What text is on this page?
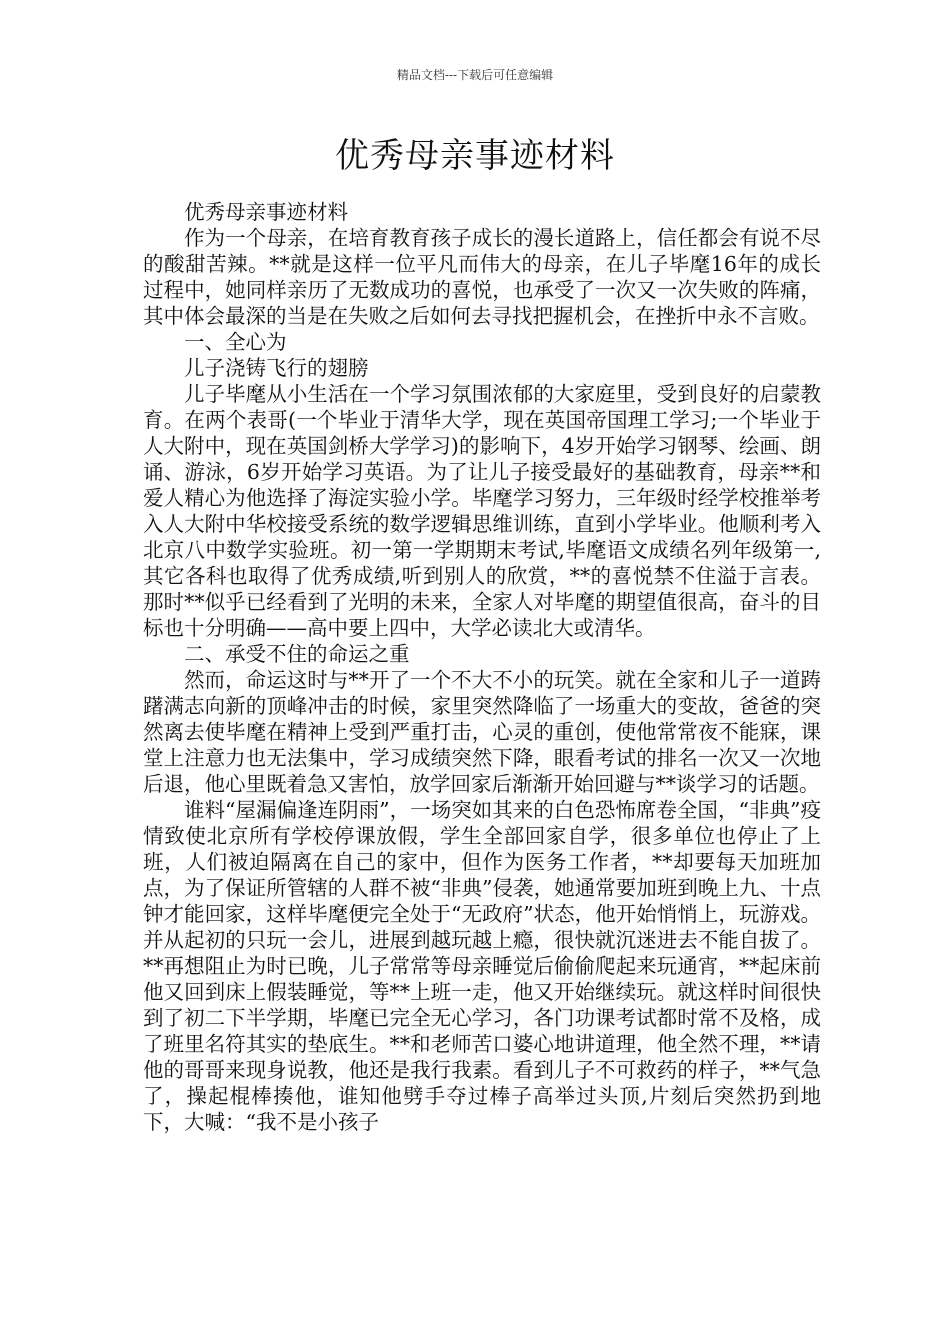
精品文档---下载后可任意编辑
优秀母亲事迹材料

优秀母亲事迹材料

作为一个母亲，在培育教育孩子成长的漫长道路上，信任都会有说不尽的酸甜苦辣。**就是这样一位平凡而伟大的母亲，在儿子毕麾16年的成长过程中，她同样亲历了无数成功的喜悦，也承受了一次又一次失败的阵痛，其中体会最深的当是在失败之后如何去寻找把握机会，在挫折中永不言败。

一、全心为

儿子浇铸飞行的翅膀

儿子毕麾从小生活在一个学习氛围浓郁的大家庭里，受到良好的启蒙教育。在两个表哥(一个毕业于清华大学，现在英国帝国理工学习;一个毕业于人大附中，现在英国剑桥大学学习)的影响下，4岁开始学习钢琴、绘画、朗诵、游泳，6岁开始学习英语。为了让儿子接受最好的基础教育，母亲**和爱人精心为他选择了海淀实验小学。毕麾学习努力，三年级时经学校推举考入人大附中华校接受系统的数学逻辑思维训练，直到小学毕业。他顺利考入北京八中数学实验班。初一第一学期期末考试,毕麾语文成绩名列年级第一,其它各科也取得了优秀成绩,听到别人的欣赏，**的喜悦禁不住溢于言表。那时**似乎已经看到了光明的未来，全家人对毕麾的期望值很高，奋斗的目标也十分明确——高中要上四中，大学必读北大或清华。

二、承受不住的命运之重

然而，命运这时与**开了一个不大不小的玩笑。就在全家和儿子一道踌躇满志向新的顶峰冲击的时候，家里突然降临了一场重大的变故，爸爸的突然离去使毕麾在精神上受到严重打击，心灵的重创，使他常常夜不能寐，课堂上注意力也无法集中，学习成绩突然下降，眼看考试的排名一次又一次地后退，他心里既着急又害怕，放学回家后渐渐开始回避与**谈学习的话题。

谁料“屋漏偏逢连阴雨”，一场突如其来的白色恐怖席卷全国，“非典”疫情致使北京所有学校停课放假，学生全部回家自学，很多单位也停止了上班，人们被迫隔离在自己的家中，但作为医务工作者，**却要每天加班加点，为了保证所管辖的人群不被“非典”侵袭，她通常要加班到晚上九、十点钟才能回家，这样毕麾便完全处于“无政府”状态，他开始悄悄上，玩游戏。并从起初的只玩一会儿，进展到越玩越上瘾，很快就沉迷进去不能自拔了。**再想阻止为时已晚，儿子常常等母亲睡觉后偷偷爬起来玩通宵，**起床前他又回到床上假装睡觉，等**上班一走，他又开始继续玩。就这样时间很快到了初二下半学期，毕麾已完全无心学习，各门功课考试都时常不及格，成了班里名符其实的垫底生。**和老师苦口婆心地讲道理，他全然不理，**请他的哥哥来现身说教，他还是我行我素。看到儿子不可救药的样子，**气急了，操起棍棒揍他，谁知他劈手夺过棒子高举过头顶,片刻后突然扔到地下，大喊：“我不是小孩子
